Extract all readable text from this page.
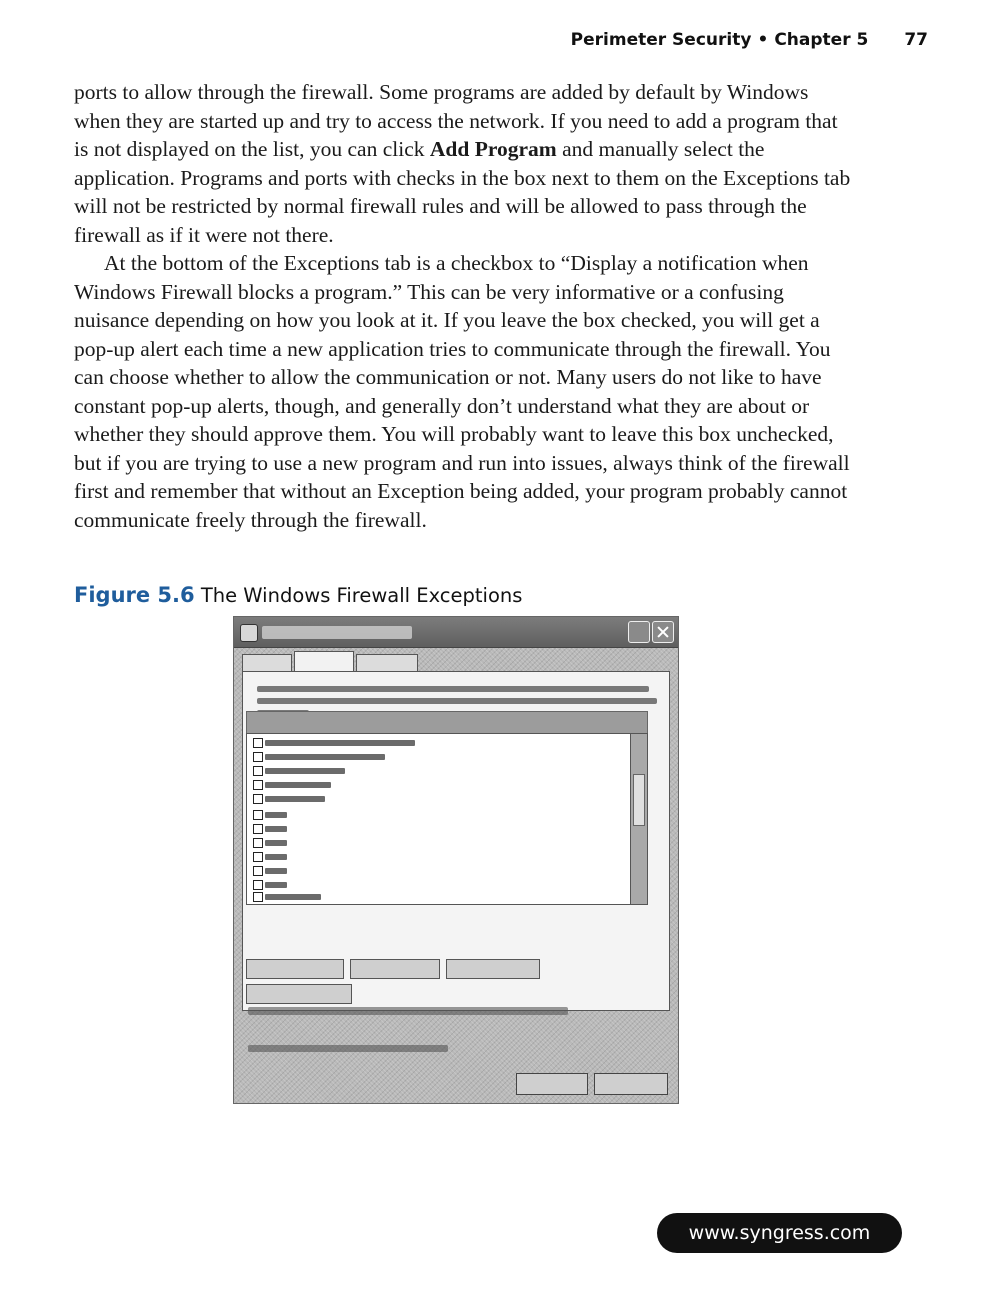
Perimeter Security • Chapter 5 77

ports to allow through the firewall. Some programs are added by default by Windows when they are started up and try to access the network. If you need to add a program that is not displayed on the list, you can click Add Program and manually select the application. Programs and ports with checks in the box next to them on the Exceptions tab will not be restricted by normal firewall rules and will be allowed to pass through the firewall as if it were not there.

At the bottom of the Exceptions tab is a checkbox to “Display a notification when Windows Firewall blocks a program.” This can be very informative or a confusing nuisance depending on how you look at it. If you leave the box checked, you will get a pop-up alert each time a new application tries to communicate through the firewall. You can choose whether to allow the communication or not. Many users do not like to have constant pop-up alerts, though, and generally don’t understand what they are about or whether they should approve them. You will probably want to leave this box unchecked, but if you are trying to use a new program and run into issues, always think of the firewall first and remember that without an Exception being added, your program probably cannot communicate freely through the firewall.

Figure 5.6 The Windows Firewall Exceptions
www.syngress.com
